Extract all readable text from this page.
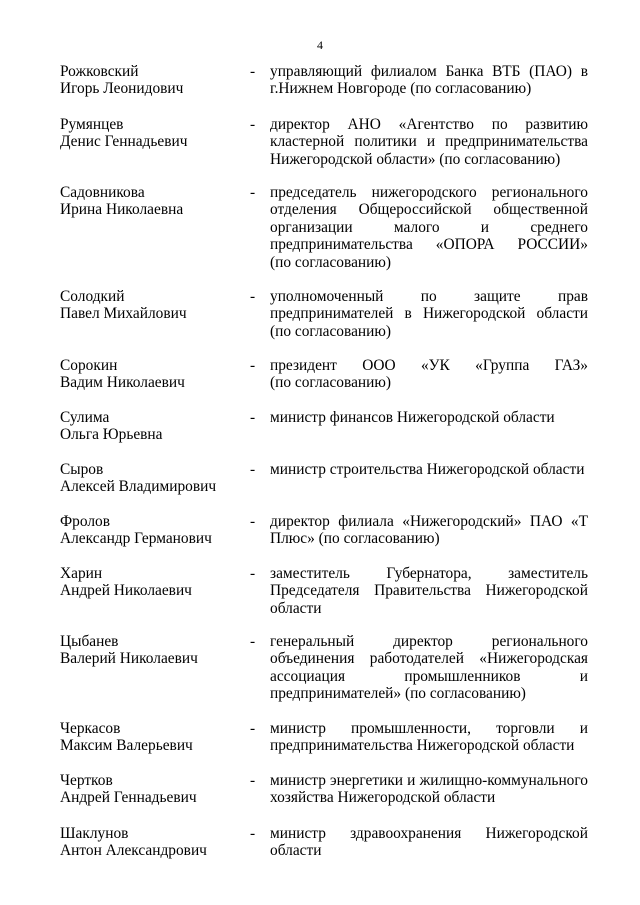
4
Рожковский
Игорь Леонидович
- управляющий филиалом Банка ВТБ (ПАО) в
г.Нижнем Новгороде (по согласованию)
Румянцев
Денис Геннадьевич
- директор АНО «Агентство по развитию
кластерной политики и предпринимательства
Нижегородской области» (по согласованию)
Садовникова
Ирина Николаевна
- председатель нижегородского регионального
отделения Общероссийской общественной
организации малого и среднего
предпринимательства «ОПОРА РОССИИ»
(по согласованию)
Солодкий
Павел Михайлович
- уполномоченный по защите прав
предпринимателей в Нижегородской области
(по согласованию)
Сорокин
Вадим Николаевич
- президент ООО «УК «Группа ГАЗ»
(по согласованию)
Сулима
Ольга Юрьевна
- министр финансов Нижегородской области
Сыров
Алексей Владимирович
- министр строительства Нижегородской области
Фролов
Александр Германович
- директор филиала «Нижегородский» ПАО «Т
Плюс» (по согласованию)
Харин
Андрей Николаевич
- заместитель Губернатора, заместитель
Председателя Правительства Нижегородской
области
Цыбанев
Валерий Николаевич
- генеральный директор регионального
объединения работодателей «Нижегородская
ассоциация промышленников и
предпринимателей» (по согласованию)
Черкасов
Максим Валерьевич
- министр промышленности, торговли и
предпринимательства Нижегородской области
Чертков
Андрей Геннадьевич
- министр энергетики и жилищно-коммунального
хозяйства Нижегородской области
Шаклунов
Антон Александрович
- министр здравоохранения Нижегородской
области
